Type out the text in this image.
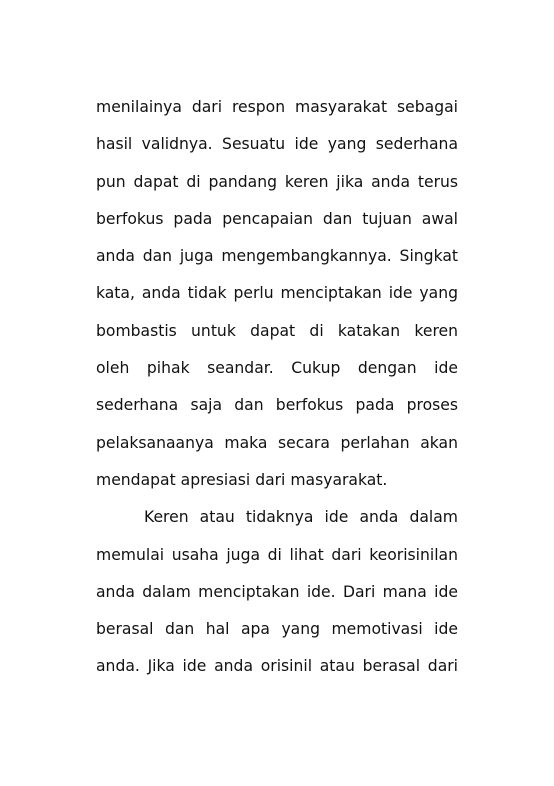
menilainya dari respon masyarakat sebagai
hasil validnya. Sesuatu ide yang sederhana
pun dapat di pandang keren jika anda terus
berfokus pada pencapaian dan tujuan awal
anda dan juga mengembangkannya. Singkat
kata, anda tidak perlu menciptakan ide yang
bombastis untuk dapat di katakan keren
oleh pihak seandar. Cukup dengan ide
sederhana saja dan berfokus pada proses
pelaksanaanya maka secara perlahan akan
mendapat apresiasi dari masyarakat.
Keren atau tidaknya ide anda dalam
memulai usaha juga di lihat dari keorisinilan
anda dalam menciptakan ide. Dari mana ide
berasal dan hal apa yang memotivasi ide
anda. Jika ide anda orisinil atau berasal dari
